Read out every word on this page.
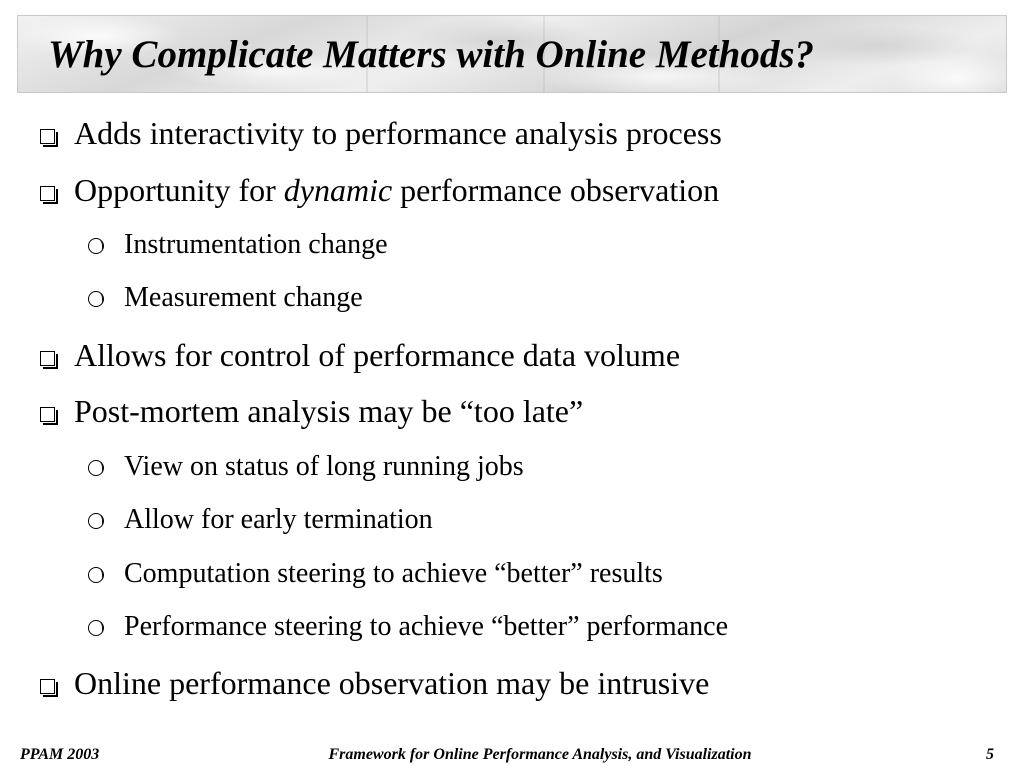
Why Complicate Matters with Online Methods?
Adds interactivity to performance analysis process
Opportunity for dynamic performance observation
Instrumentation change
Measurement change
Allows for control of performance data volume
Post-mortem analysis may be “too late”
View on status of long running jobs
Allow for early termination
Computation steering to achieve “better” results
Performance steering to achieve “better” performance
Online performance observation may be intrusive
PPAM 2003	Framework for Online Performance Analysis, and Visualization	5
